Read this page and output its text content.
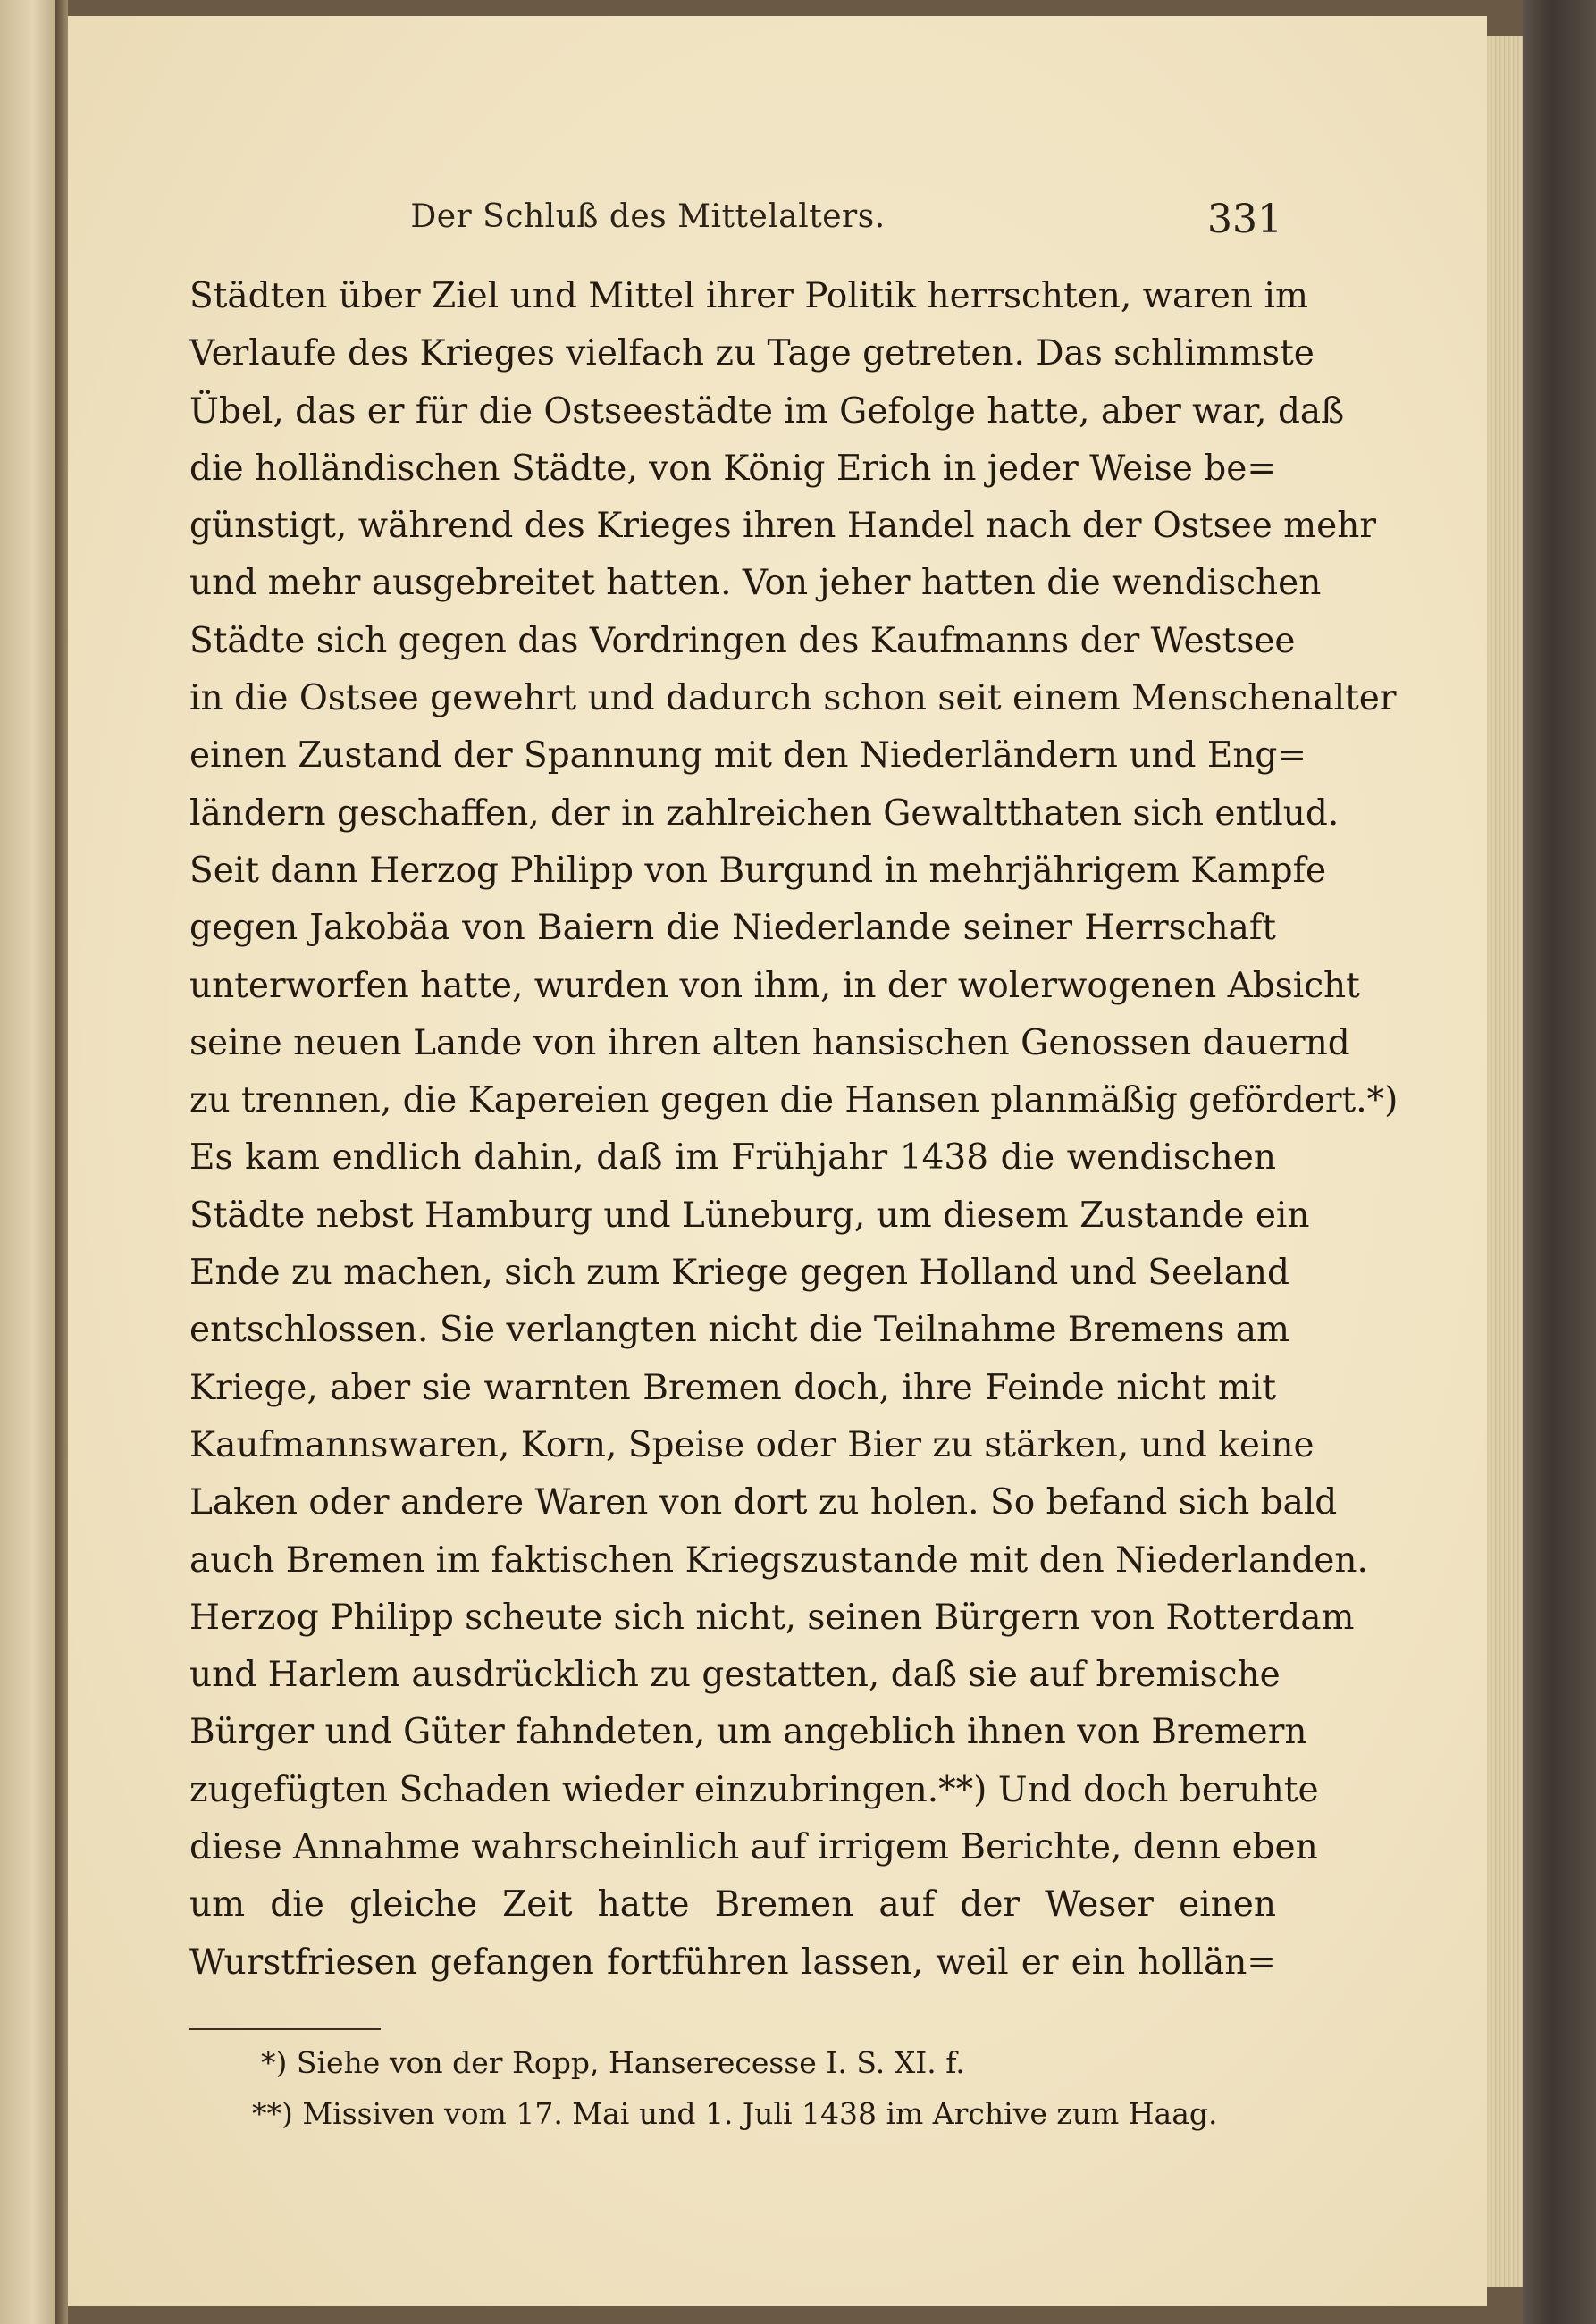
Der Schluß des Mittelalters.	331
Städten über Ziel und Mittel ihrer Politik herrschten, waren im
Verlaufe des Krieges vielfach zu Tage getreten. Das schlimmste
Übel, das er für die Ostseestädte im Gefolge hatte, aber war, daß
die holländischen Städte, von König Erich in jeder Weise be=
günstigt, während des Krieges ihren Handel nach der Ostsee mehr
und mehr ausgebreitet hatten. Von jeher hatten die wendischen
Städte sich gegen das Vordringen des Kaufmanns der Westsee
in die Ostsee gewehrt und dadurch schon seit einem Menschenalter
einen Zustand der Spannung mit den Niederländern und Eng=
ländern geschaffen, der in zahlreichen Gewaltthaten sich entlud.
Seit dann Herzog Philipp von Burgund in mehrjährigem Kampfe
gegen Jakobäa von Baiern die Niederlande seiner Herrschaft
unterworfen hatte, wurden von ihm, in der wolerwogenen Absicht
seine neuen Lande von ihren alten hansischen Genossen dauernd
zu trennen, die Kapereien gegen die Hansen planmäßig gefördert.*)
Es kam endlich dahin, daß im Frühjahr 1438 die wendischen
Städte nebst Hamburg und Lüneburg, um diesem Zustande ein
Ende zu machen, sich zum Kriege gegen Holland und Seeland
entschlossen. Sie verlangten nicht die Teilnahme Bremens am
Kriege, aber sie warnten Bremen doch, ihre Feinde nicht mit
Kaufmannswaren, Korn, Speise oder Bier zu stärken, und keine
Laken oder andere Waren von dort zu holen. So befand sich bald
auch Bremen im faktischen Kriegszustande mit den Niederlanden.
Herzog Philipp scheute sich nicht, seinen Bürgern von Rotterdam
und Harlem ausdrücklich zu gestatten, daß sie auf bremische
Bürger und Güter fahndeten, um angeblich ihnen von Bremern
zugefügten Schaden wieder einzubringen.**) Und doch beruhte
diese Annahme wahrscheinlich auf irrigem Berichte, denn eben
um die gleiche Zeit hatte Bremen auf der Weser einen
Wurstfriesen gefangen fortführen lassen, weil er ein hollän=
*) Siehe von der Ropp, Hanserecesse I. S. XI. f.
**) Missiven vom 17. Mai und 1. Juli 1438 im Archive zum Haag.
